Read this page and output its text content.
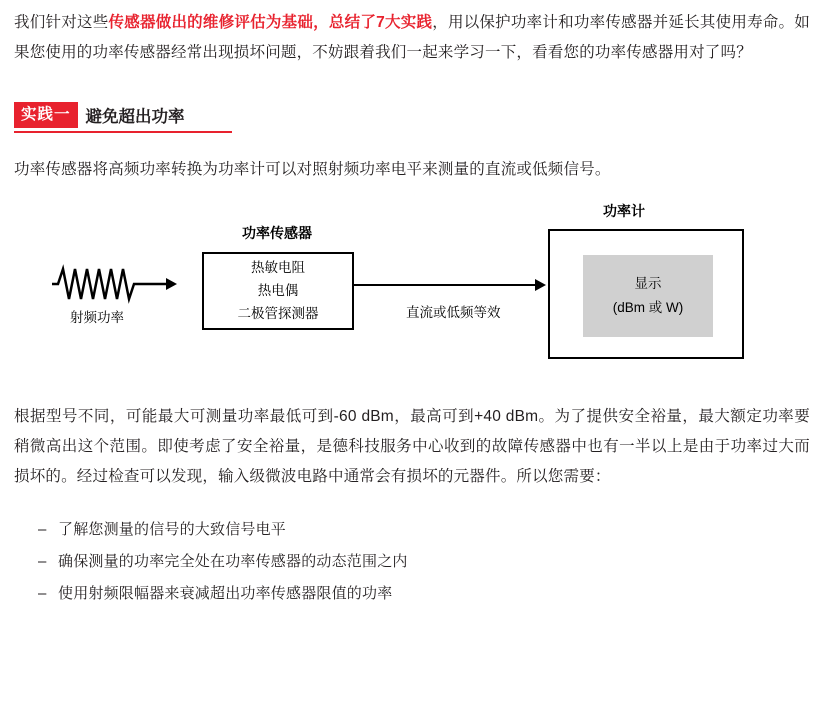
我们针对这些传感器做出的维修评估为基础，总结了7大实践，用以保护功率计和功率传感器并延长其使用寿命。如果您使用的功率传感器经常出现损坏问题，不妨跟着我们一起来学习一下，看看您的功率传感器用对了吗？

实践一 避免超出功率

功率传感器将高频功率转换为功率计可以对照射频功率电平来测量的直流或低频信号。

功率传感器
功率计
射频功率
热敏电阻
热电偶
二极管探测器	直流或低频等效
显示
(dBm 或 W)

根据型号不同，可能最大可测量功率最低可到-60 dBm，最高可到+40 dBm。为了提供安全裕量，最大额定功率要稍微高出这个范围。即使考虑了安全裕量，是德科技服务中心收到的故障传感器中也有一半以上是由于功率过大而损坏的。经过检查可以发现，输入级微波电路中通常会有损坏的元器件。所以您需要：

– 了解您测量的信号的大致信号电平
– 确保测量的功率完全处在功率传感器的动态范围之内
– 使用射频限幅器来衰减超出功率传感器限值的功率
